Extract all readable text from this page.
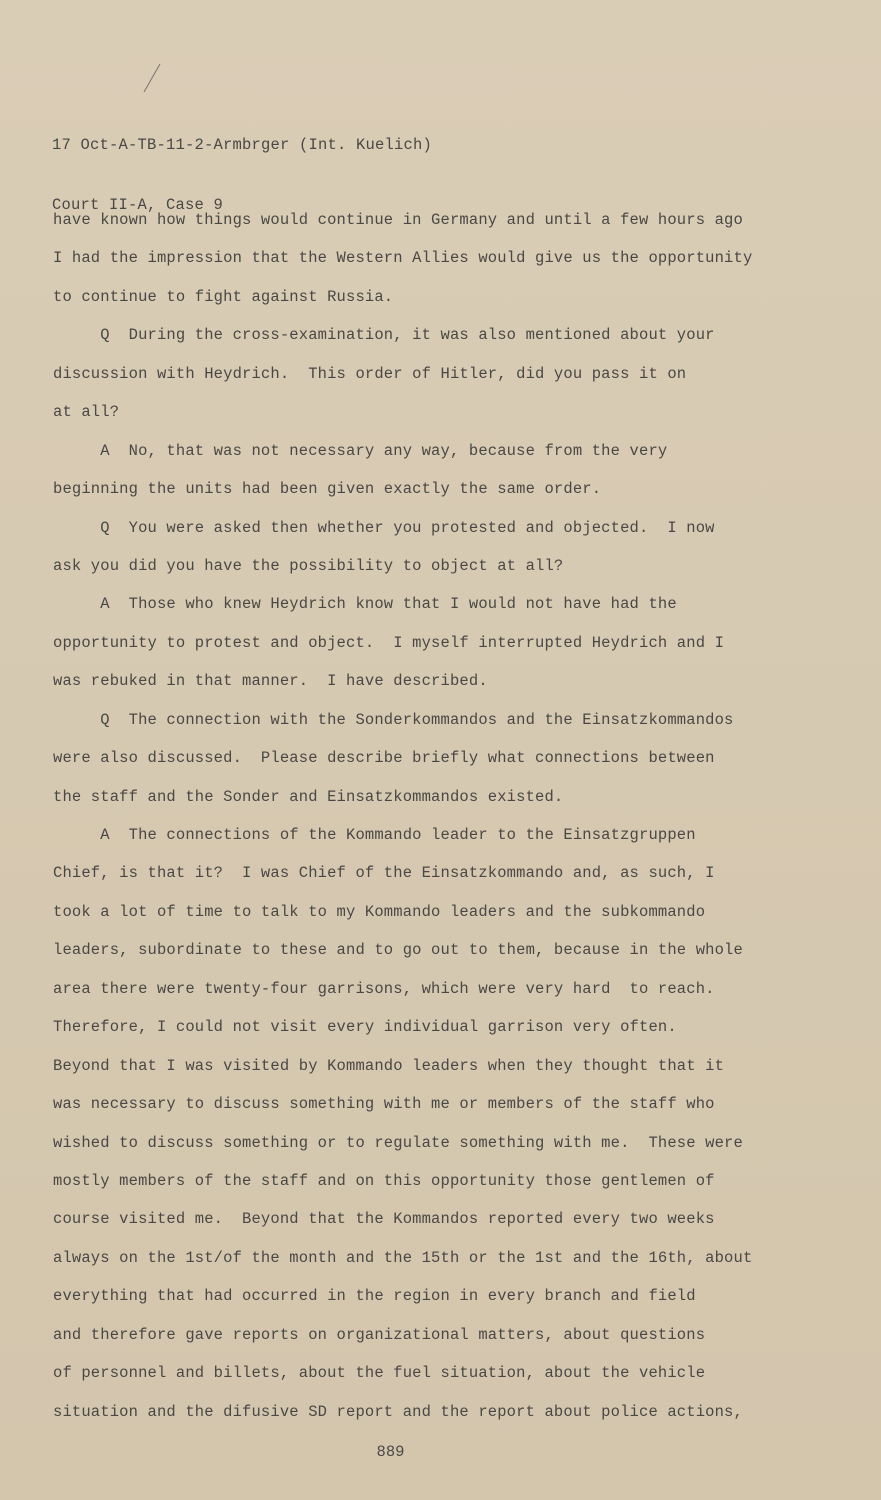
17 Oct-A-TB-11-2-Armbrger (Int. Kuelich)

Court II-A, Case 9

have known how things would continue in Germany and until a few hours ago
I had the impression that the Western Allies would give us the opportunity
to continue to fight against Russia.
Q  During the cross-examination, it was also mentioned about your
discussion with Heydrich.  This order of Hitler, did you pass it on
at all?
A  No, that was not necessary any way, because from the very
beginning the units had been given exactly the same order.
Q  You were asked then whether you protested and objected.  I now
ask you did you have the possibility to object at all?
A  Those who knew Heydrich know that I would not have had the
opportunity to protest and object.  I myself interrupted Heydrich and I
was rebuked in that manner.  I have described.
Q  The connection with the Sonderkommandos and the Einsatzkommandos
were also discussed.  Please describe briefly what connections between
the staff and the Sonder and Einsatzkommandos existed.
A  The connections of the Kommando leader to the Einsatzgruppen
Chief, is that it?  I was Chief of the Einsatzkommando and, as such, I
took a lot of time to talk to my Kommando leaders and the subkommando
leaders, subordinate to these and to go out to them, because in the whole
area there were twenty-four garrisons, which were very hard  to reach.
Therefore, I could not visit every individual garrison very often.
Beyond that I was visited by Kommando leaders when they thought that it
was necessary to discuss something with me or members of the staff who
wished to discuss something or to regulate something with me.  These were
mostly members of the staff and on this opportunity those gentlemen of
course visited me.  Beyond that the Kommandos reported every two weeks
always on the 1st/of the month and the 15th or the 1st and the 16th, about
everything that had occurred in the region in every branch and field
and therefore gave reports on organizational matters, about questions
of personnel and billets, about the fuel situation, about the vehicle
situation and the difusive SD report and the report about police actions,
889
